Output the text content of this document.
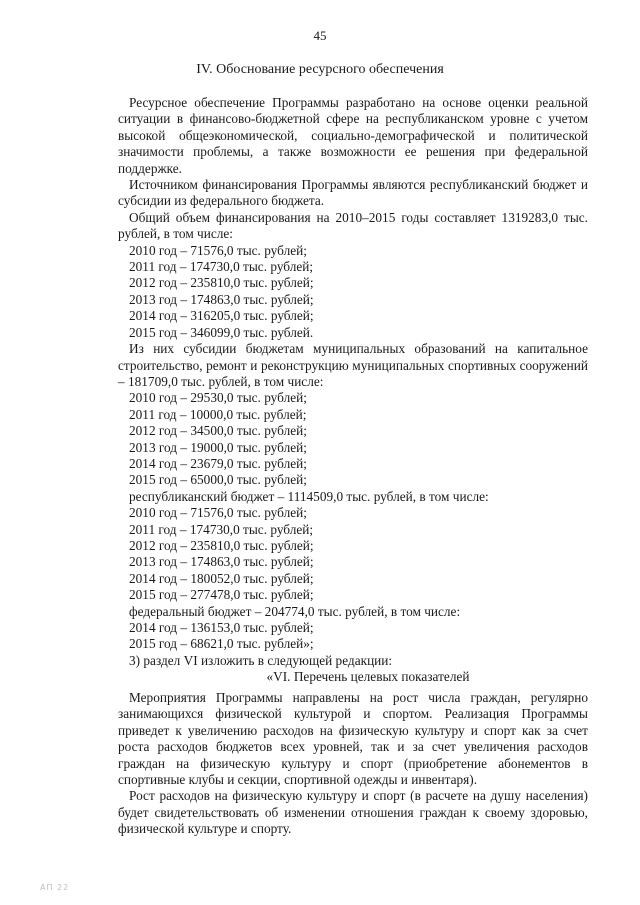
45
IV. Обоснование ресурсного обеспечения

Ресурсное обеспечение Программы разработано на основе оценки реальной ситуации в финансово-бюджетной сфере на республиканском уровне с учетом высокой общеэкономической, социально-демографической и политической значимости проблемы, а также возможности ее решения при федеральной поддержке.

Источником финансирования Программы являются республиканский бюджет и субсидии из федерального бюджета.

Общий объем финансирования на 2010–2015 годы составляет 1319283,0 тыс. рублей, в том числе:

2010 год – 71576,0 тыс. рублей;
2011 год – 174730,0 тыс. рублей;
2012 год – 235810,0 тыс. рублей;
2013 год – 174863,0 тыс. рублей;
2014 год – 316205,0 тыс. рублей;
2015 год – 346099,0 тыс. рублей.

Из них субсидии бюджетам муниципальных образований на капитальное строительство, ремонт и реконструкцию муниципальных спортивных сооружений – 181709,0 тыс. рублей, в том числе:

2010 год – 29530,0 тыс. рублей;
2011 год – 10000,0 тыс. рублей;
2012 год – 34500,0 тыс. рублей;
2013 год – 19000,0 тыс. рублей;
2014 год – 23679,0 тыс. рублей;
2015 год – 65000,0 тыс. рублей;
республиканский бюджет – 1114509,0 тыс. рублей, в том числе:
2010 год – 71576,0 тыс. рублей;
2011 год – 174730,0 тыс. рублей;
2012 год – 235810,0 тыс. рублей;
2013 год – 174863,0 тыс. рублей;
2014 год – 180052,0 тыс. рублей;
2015 год – 277478,0 тыс. рублей;
федеральный бюджет – 204774,0 тыс. рублей, в том числе:
2014 год – 136153,0 тыс. рублей;
2015 год – 68621,0 тыс. рублей»;
3) раздел VI изложить в следующей редакции:

«VI. Перечень целевых показателей

Мероприятия Программы направлены на рост числа граждан, регулярно занимающихся физической культурой и спортом. Реализация Программы приведет к увеличению расходов на физическую культуру и спорт как за счет роста расходов бюджетов всех уровней, так и за счет увеличения расходов граждан на физическую культуру и спорт (приобретение абонементов в спортивные клубы и секции, спортивной одежды и инвентаря).

Рост расходов на физическую культуру и спорт (в расчете на душу населения) будет свидетельствовать об изменении отношения граждан к своему здоровью, физической культуре и спорту.

АП 22
